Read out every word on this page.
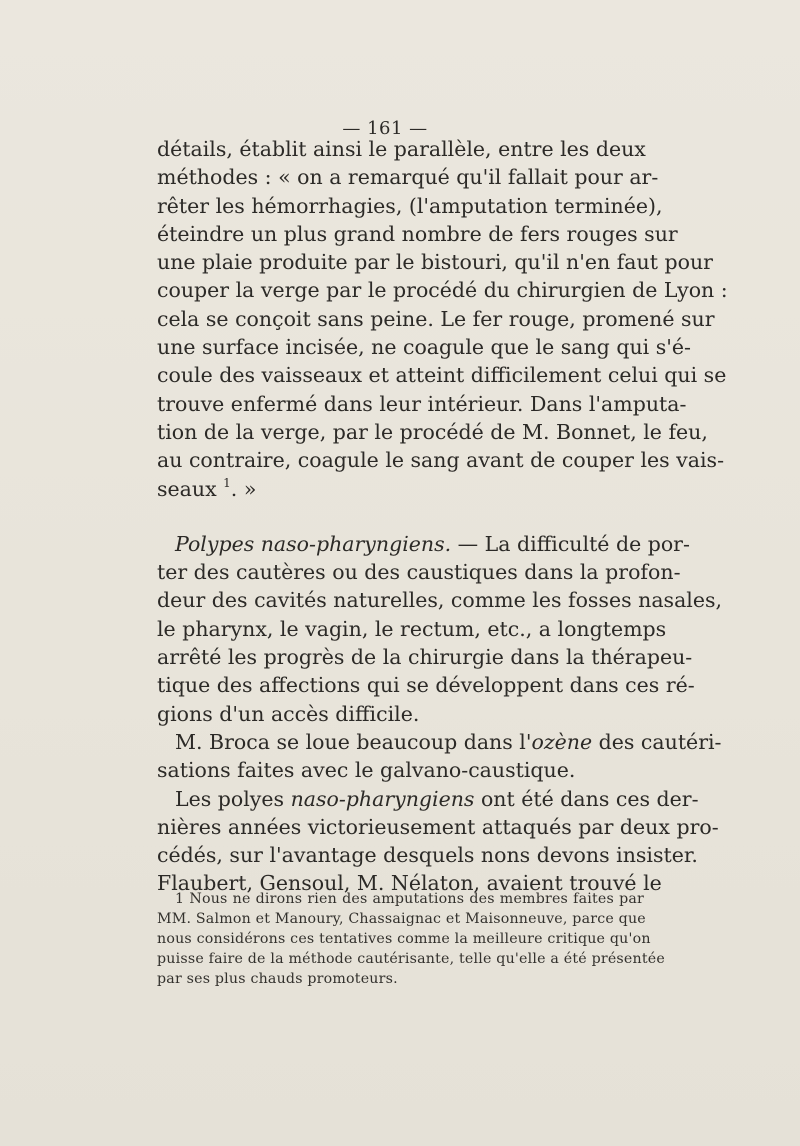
— 161 —

détails, établit ainsi le parallèle, entre les deux
méthodes : « on a remarqué qu'il fallait pour ar-
rêter les hémorrhagies, (l'amputation terminée),
éteindre un plus grand nombre de fers rouges sur
une plaie produite par le bistouri, qu'il n'en faut pour
couper la verge par le procédé du chirurgien de Lyon :
cela se conçoit sans peine. Le fer rouge, promené sur
une surface incisée, ne coagule que le sang qui s'é-
coule des vaisseaux et atteint difficilement celui qui se
trouve enfermé dans leur intérieur. Dans l'amputa-
tion de la verge, par le procédé de M. Bonnet, le feu,
au contraire, coagule le sang avant de couper les vais-
seaux $^1$. »

Polypes naso-pharyngiens. — La difficulté de por-
ter des cautères ou des caustiques dans la profon-
deur des cavités naturelles, comme les fosses nasales,
le pharynx, le vagin, le rectum, etc., a longtemps
arrêté les progrès de la chirurgie dans la thérapeu-
tique des affections qui se développent dans ces ré-
gions d'un accès difficile.

M. Broca se loue beaucoup dans l'ozène des cautéri-
sations faites avec le galvano-caustique.

Les polyes naso-pharyngiens ont été dans ces der-
nières années victorieusement attaqués par deux pro-
cédés, sur l'avantage desquels nons devons insister.
Flaubert, Gensoul, M. Nélaton, avaient trouvé le

1 Nous ne dirons rien des amputations des membres faites par
MM. Salmon et Manoury, Chassaignac et Maisonneuve, parce que
nous considérons ces tentatives comme la meilleure critique qu'on
puisse faire de la méthode cautérisante, telle qu'elle a été présentée
par ses plus chauds promoteurs.
